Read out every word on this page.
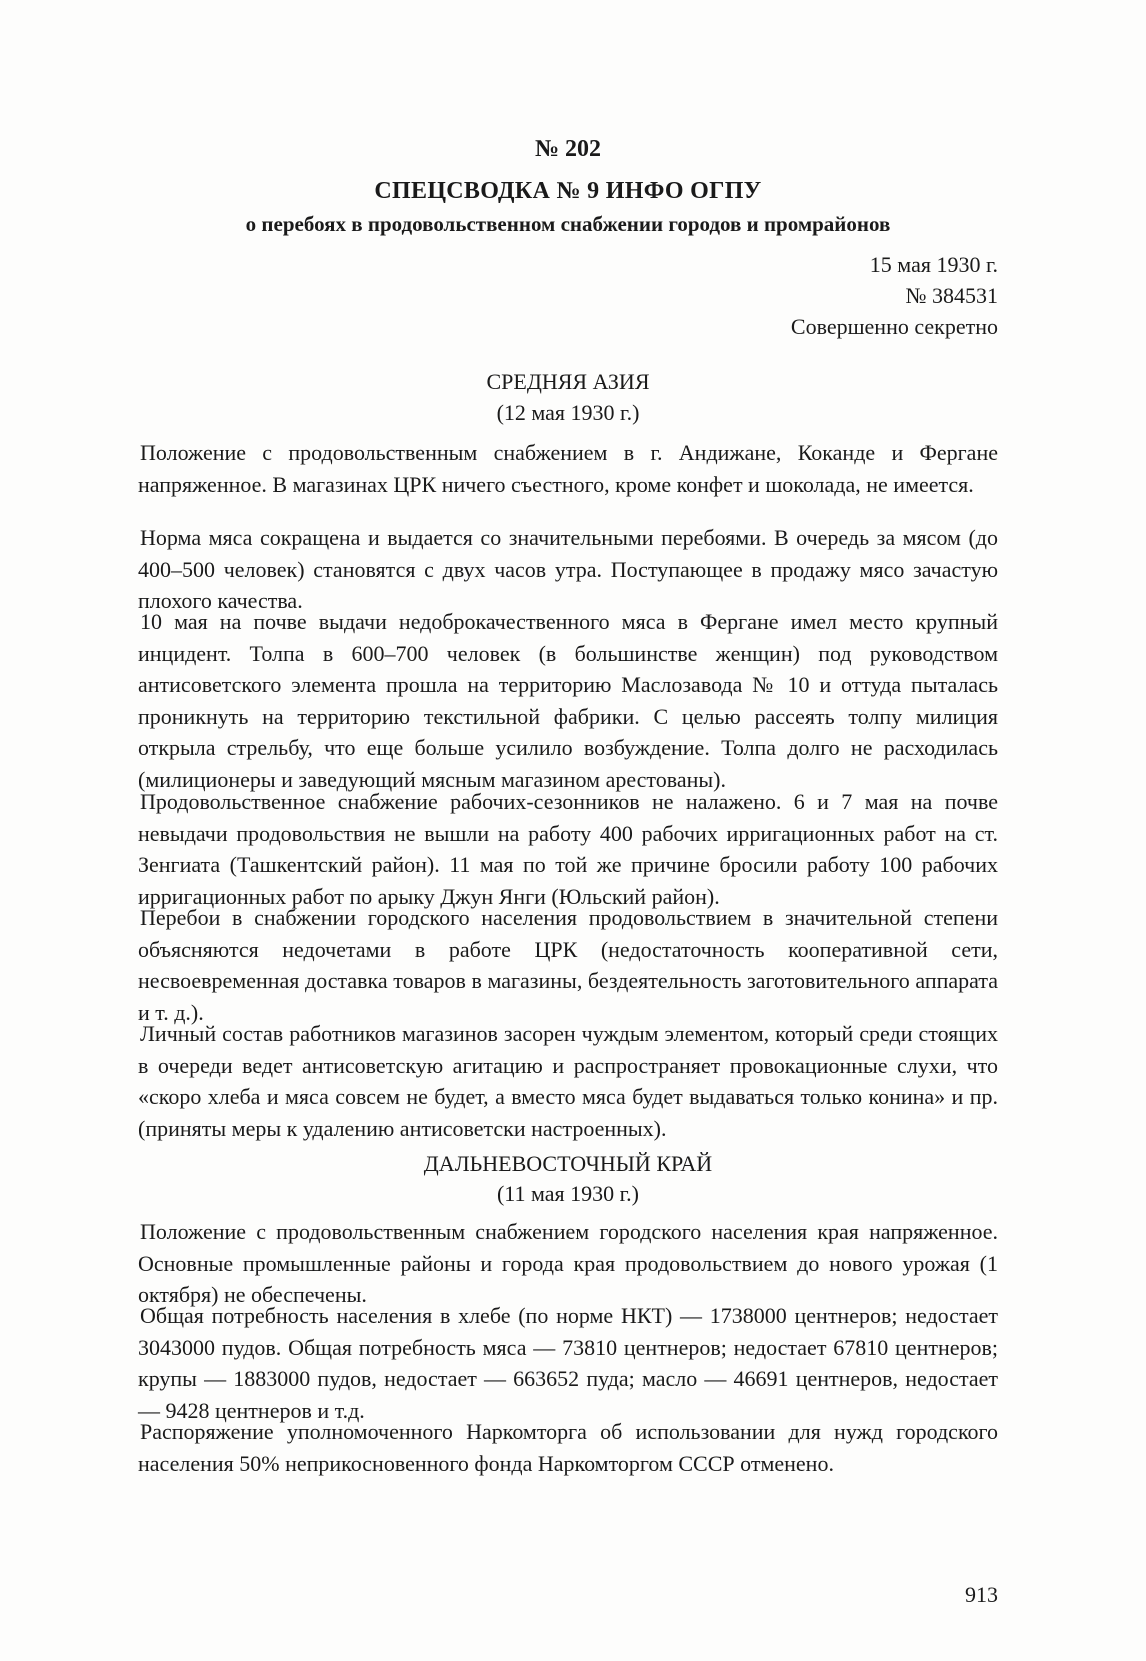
№ 202
СПЕЦСВОДКА № 9 ИНФО ОГПУ
о перебоях в продовольственном снабжении городов и промрайонов
15 мая 1930 г.
№ 384531
Совершенно секретно
СРЕДНЯЯ АЗИЯ
(12 мая 1930 г.)
Положение с продовольственным снабжением в г. Андижане, Коканде и Фергане напряженное. В магазинах ЦРК ничего съестного, кроме конфет и шоколада, не имеется.
Норма мяса сокращена и выдается со значительными перебоями. В очередь за мясом (до 400–500 человек) становятся с двух часов утра. Поступающее в продажу мясо зачастую плохого качества.
10 мая на почве выдачи недоброкачественного мяса в Фергане имел место крупный инцидент. Толпа в 600–700 человек (в большинстве женщин) под руководством антисоветского элемента прошла на территорию Маслозавода № 10 и оттуда пыталась проникнуть на территорию текстильной фабрики. С целью рассеять толпу милиция открыла стрельбу, что еще больше усилило возбуждение. Толпа долго не расходилась (милиционеры и заведующий мясным магазином арестованы).
Продовольственное снабжение рабочих-сезонников не налажено. 6 и 7 мая на почве невыдачи продовольствия не вышли на работу 400 рабочих ирригационных работ на ст. Зенгиата (Ташкентский район). 11 мая по той же причине бросили работу 100 рабочих ирригационных работ по арыку Джун Янги (Юльский район).
Перебои в снабжении городского населения продовольствием в значительной степени объясняются недочетами в работе ЦРК (недостаточность кооперативной сети, несвоевременная доставка товаров в магазины, бездеятельность заготовительного аппарата и т. д.).
Личный состав работников магазинов засорен чуждым элементом, который среди стоящих в очереди ведет антисоветскую агитацию и распространяет провокационные слухи, что «скоро хлеба и мяса совсем не будет, а вместо мяса будет выдаваться только конина» и пр. (приняты меры к удалению антисоветски настроенных).
ДАЛЬНЕВОСТОЧНЫЙ КРАЙ
(11 мая 1930 г.)
Положение с продовольственным снабжением городского населения края напряженное. Основные промышленные районы и города края продовольствием до нового урожая (1 октября) не обеспечены.
Общая потребность населения в хлебе (по норме НКТ) — 1738000 центнеров; недостает 3043000 пудов. Общая потребность мяса — 73810 центнеров; недостает 67810 центнеров; крупы — 1883000 пудов, недостает — 663652 пуда; масло — 46691 центнеров, недостает — 9428 центнеров и т.д.
Распоряжение уполномоченного Наркомторга об использовании для нужд городского населения 50% неприкосновенного фонда Наркомторгом СССР отменено.
913
